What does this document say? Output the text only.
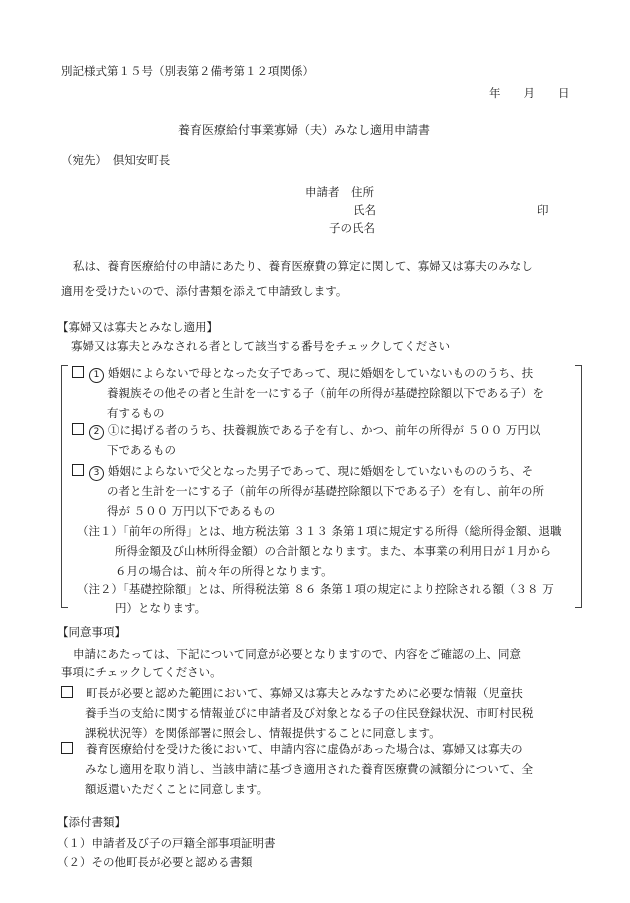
別記様式第１５号（別表第２備考第１２項関係）
年　　月　　日
養育医療給付事業寡婦（夫）みなし適用申請書
（宛先）　倶知安町長
申請者　住所
氏名	印
子の氏名
私は、養育医療給付の申請にあたり、養育医療費の算定に関して、寡婦又は寡夫のみなし
適用を受けたいので、添付書類を添えて申請致します。
【寡婦又は寡夫とみなし適用】
寡婦又は寡夫とみなされる者として該当する番号をチェックしてください
1 婚姻によらないで母となった女子であって、現に婚姻をしていないもののうち、扶
養親族その他その者と生計を一にする子（前年の所得が基礎控除額以下である子）を
有するもの
2 ①に掲げる者のうち、扶養親族である子を有し、かつ、前年の所得が ５００ 万円以
下であるもの
3 婚姻によらないで父となった男子であって、現に婚姻をしていないもののうち、そ
の者と生計を一にする子（前年の所得が基礎控除額以下である子）を有し、前年の所
得が ５００ 万円以下であるもの
（注１）「前年の所得」とは、地方税法第 ３１３ 条第１項に規定する所得（総所得金額、退職
所得金額及び山林所得金額）の合計額となります。また、本事業の利用日が１月から
６月の場合は、前々年の所得となります。
（注２）「基礎控除額」とは、所得税法第 ８６ 条第１項の規定により控除される額（３８ 万
円）となります。
【同意事項】
申請にあたっては、下記について同意が必要となりますので、内容をご確認の上、同意
事項にチェックしてください。
町長が必要と認めた範囲において、寡婦又は寡夫とみなすために必要な情報（児童扶
養手当の支給に関する情報並びに申請者及び対象となる子の住民登録状況、市町村民税
課税状況等）を関係部署に照会し、情報提供することに同意します。
養育医療給付を受けた後において、申請内容に虚偽があった場合は、寡婦又は寡夫の
みなし適用を取り消し、当該申請に基づき適用された養育医療費の減額分について、全
額返還いただくことに同意します。
【添付書類】
（１）申請者及び子の戸籍全部事項証明書
（２）その他町長が必要と認める書類
